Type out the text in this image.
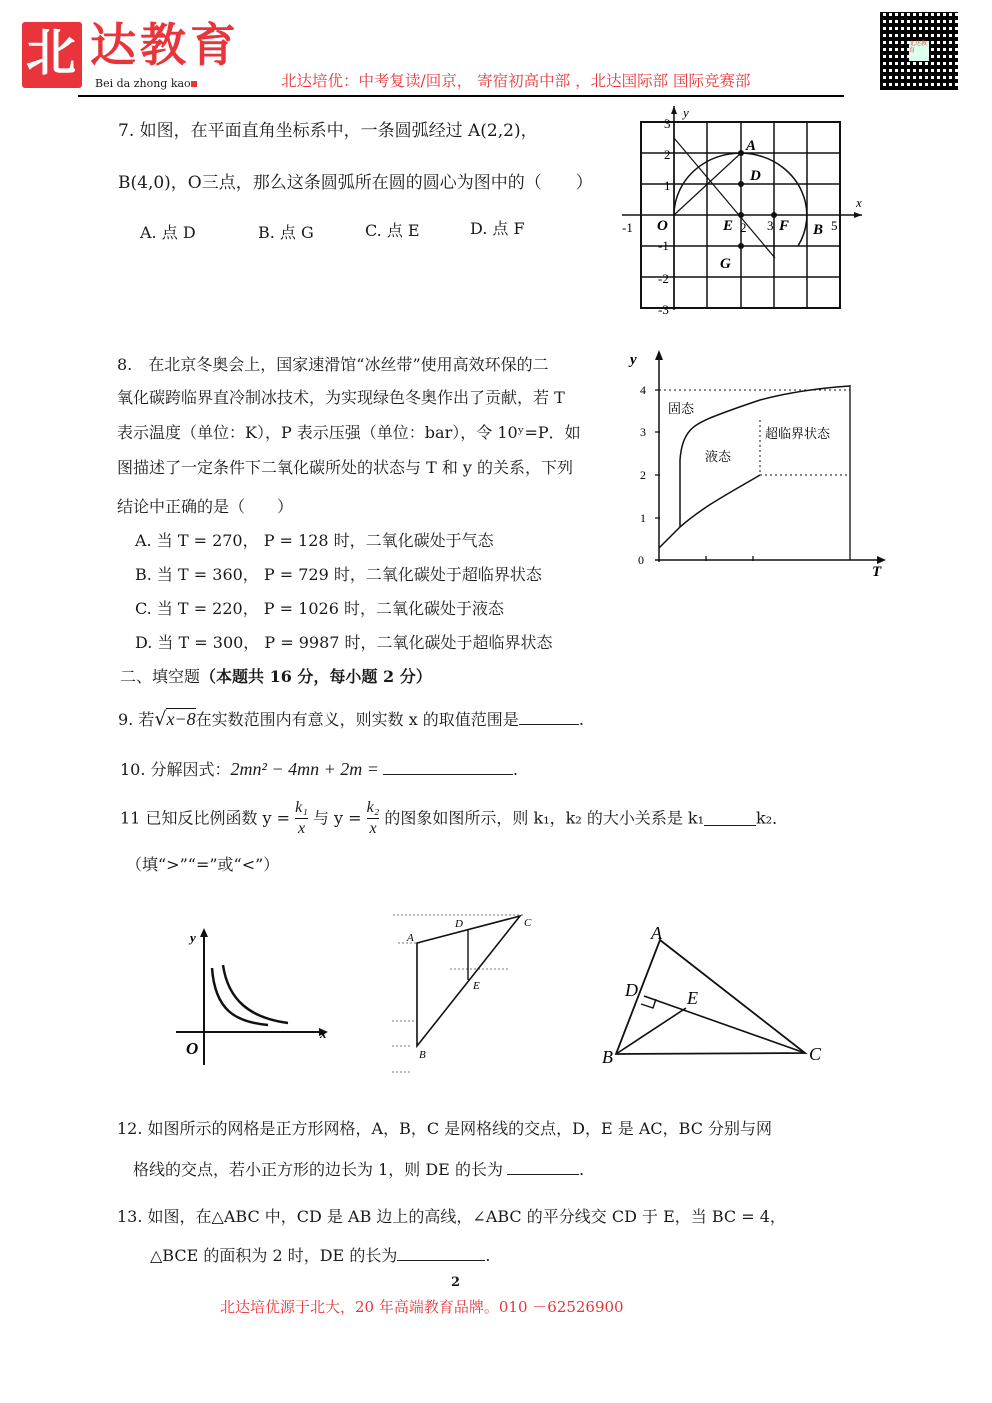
北 达教育
Bei da zhong kao	北达培优：中考复读/回京， 寄宿初高中部 ，北达国际部 国际竞赛部
北达教育
7. 如图，在平面直角坐标系中，一条圆弧经过 A(2,2)，
B(4,0)，O三点，那么这条圆弧所在圆的圆心为图中的（　　）
A. 点 D	B. 点 G	C. 点 E	D. 点 F
x
y
-1	2 3	5
3
2
1
-1
-2
-3
O
A
D
E	F B
G
8.　在北京冬奥会上，国家速滑馆“冰丝带”使用高效环保的二
氧化碳跨临界直冷制冰技术，为实现绿色冬奥作出了贡献，若 T
表示温度（单位：K），P 表示压强（单位：bar），令 10ʸ=P．如
图描述了一定条件下二氧化碳所处的状态与 T 和 y 的关系，下列
结论中正确的是（　　）
A. 当 T = 270， P = 128 时，二氧化碳处于气态
B. 当 T = 360， P = 729 时，二氧化碳处于超临界状态
C. 当 T = 220， P = 1026 时，二氧化碳处于液态
D. 当 T = 300， P = 9987 时，二氧化碳处于超临界状态
y
T
0
1
2
3
4
固态
液态
超临界状态
二、填空题（本题共 16 分，每小题 2 分）
9. 若√x−8在实数范围内有意义，则实数 x 的取值范围是	.
10. 分解因式：2mn² − 4mn + 2m =	.
11 已知反比例函数 $y = \frac{\text{k₁}}{x}$ 与 $y = \frac{\text{k₂}}{x}$ 的图象如图所示，则 k₁，k₂ 的大小关系是 k₁	k₂．
（填“>”“=”或“<”）
y
x
O
A
D	C
E
B
A
D	E
B	C
12. 如图所示的网格是正方形网格，A，B，C 是网格线的交点，D，E 是 AC，BC 分别与网
格线的交点，若小正方形的边长为 1，则 DE 的长为	.
13. 如图，在△ABC 中，CD 是 AB 边上的高线，∠ABC 的平分线交 CD 于 E，当 BC = 4，
△BCE 的面积为 2 时，DE 的长为	.
2
北达培优源于北大，20 年高端教育品牌。010 －62526900
